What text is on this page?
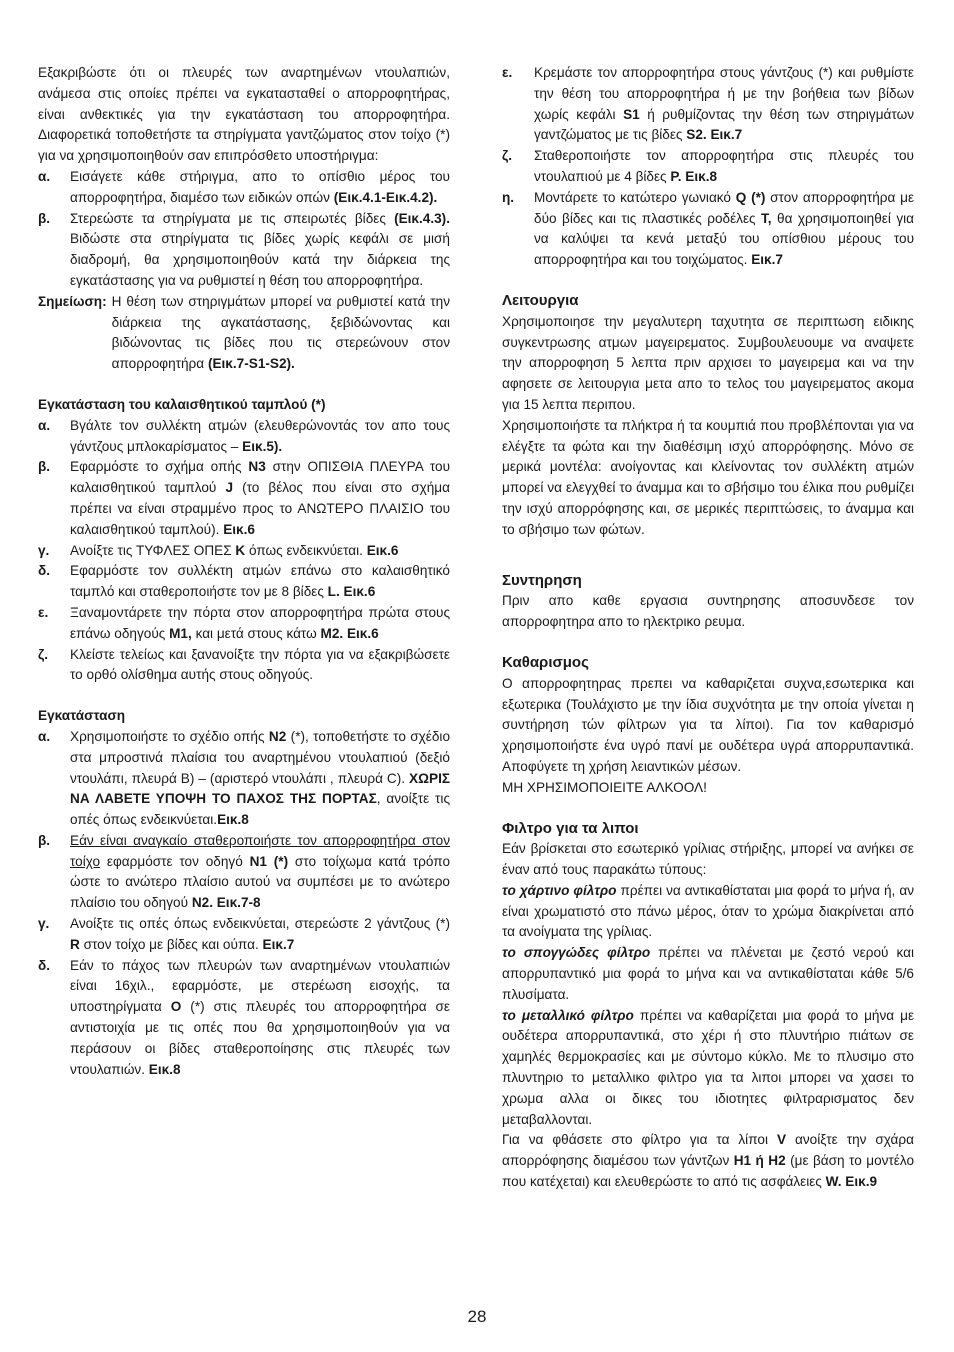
Εξακριβώστε ότι οι πλευρές των αναρτημένων ντουλαπιών, ανάμεσα στις οποίες πρέπει να εγκατασταθεί ο απορροφητήρας, είναι ανθεκτικές για την εγκατάσταση του απορροφητήρα. Διαφορετικά τοποθετήστε τα στηρίγματα γαντζώματος στον τοίχο (*) για να χρησιμοποιηθούν σαν επιπρόσθετο υποστήριγμα:

α.	Εισάγετε κάθε στήριγμα, απο το οπίσθιο μέρος του απορροφητήρα, διαμέσο των ειδικών οπών (Εικ.4.1-Εικ.4.2).
β.	Στερεώστε τα στηρίγματα με τις σπειρωτές βίδες (Εικ.4.3). Βιδώστε στα στηρίγματα τις βίδες χωρίς κεφάλι σε μισή διαδρομή, θα χρησιμοποιηθούν κατά την διάρκεια της εγκατάστασης για να ρυθμιστεί η θέση του απορροφητήρα.
Σημείωση: Η θέση των στηριγμάτων μπορεί να ρυθμιστεί κατά την διάρκεια της αγκατάστασης, ξεβιδώνοντας και βιδώνοντας τις βίδες που τις στερεώνουν στον απορροφητήρα (Εικ.7-S1-S2).
Εγκατάσταση του καλαισθητικού ταμπλού (*)
α.	Βγάλτε τον συλλέκτη ατμών (ελευθερώνοντάς τον απο τους γάντζους μπλοκαρίσματος – Εικ.5).
β.	Εφαρμόστε το σχήμα οπής N3 στην ΟΠΙΣΘΙΑ ΠΛΕΥΡΑ του καλαισθητικού ταμπλού J (το βέλος που είναι στο σχήμα πρέπει να είναι στραμμένο προς το ΑΝΩΤΕΡΟ ΠΛΑΙΣΙΟ του καλαισθητικού ταμπλού). Εικ.6
γ.	Ανοίξτε τις ΤΥΦΛΕΣ ΟΠΕΣ K όπως ενδεικνύεται. Εικ.6
δ.	Εφαρμόστε τον συλλέκτη ατμών επάνω στο καλαισθητικό ταμπλό και σταθεροποιήστε τον με 8 βίδες L. Εικ.6
ε.	Ξαναμοντάρετε την πόρτα στον απορροφητήρα πρώτα στους επάνω οδηγούς M1, και μετά στους κάτω M2. Εικ.6
ζ.	Κλείστε τελείως και ξανανοίξτε την πόρτα για να εξακριβώσετε το ορθό ολίσθημα αυτής στους οδηγούς.
Εγκατάσταση
α.	Χρησιμοποιήστε το σχέδιο οπής N2 (*), τοποθετήστε το σχέδιο στα μπροστινά πλαίσια του αναρτημένου ντουλαπιού (δεξιό ντουλάπι, πλευρά B) – (αριστερό ντουλάπι , πλευρά C). ΧΩΡΙΣ ΝΑ ΛΑΒΕΤΕ ΥΠΟΨΗ ΤΟ ΠΑΧΟΣ ΤΗΣ ΠΟΡΤΑΣ, ανοίξτε τις οπές όπως ενδεικνύεται.Εικ.8
β.	Εάν είναι αναγκαίο σταθεροποιήστε τον απορροφητήρα στον τοίχο εφαρμόστε τον οδηγό N1 (*) στο τοίχωμα κατά τρόπο ώστε το ανώτερο πλαίσιο αυτού να συμπέσει με το ανώτερο πλαίσιο του οδηγού N2. Εικ.7-8
γ.	Ανοίξτε τις οπές όπως ενδεικνύεται, στερεώστε 2 γάντζους (*) R στον τοίχο με βίδες και ούπα. Εικ.7
δ.	Εάν το πάχος των πλευρών των αναρτημένων ντουλαπιών είναι 16χιλ., εφαρμόστε, με στερέωση εισοχής, τα υποστηρίγματα O (*) στις πλευρές του απορροφητήρα σε αντιστοιχία με τις οπές που θα χρησιμοποιηθούν για να περάσουν οι βίδες σταθεροποίησης στις πλευρές των ντουλαπιών. Εικ.8
ε.	Κρεμάστε τον απορροφητήρα στους γάντζους (*) και ρυθμίστε την θέση του απορροφητήρα ή με την βοήθεια των βίδων χωρίς κεφάλι S1 ή ρυθμίζοντας την θέση των στηριγμάτων γαντζώματος με τις βίδες S2. Εικ.7
ζ.	Σταθεροποιήστε τον απορροφητήρα στις πλευρές του ντουλαπιού με 4 βίδες P. Εικ.8
η.	Μοντάρετε το κατώτερο γωνιακό Q (*) στον απορροφητήρα με δύο βίδες και τις πλαστικές ροδέλες T, θα χρησιμοποιηθεί για να καλύψει τα κενά μεταξύ του οπίσθιου μέρους του απορροφητήρα και του τοιχώματος. Εικ.7
Λειτουργια

Χρησιμοποιησε την μεγαλυτερη ταχυτητα σε περιπτωση ειδικης συγκεντρωσης ατμων μαγειρεματος. Συμβουλευουμε να αναψετε την απορροφηση 5 λεπτα πριν αρχισει το μαγειρεμα και να την αφησετε σε λειτουργια μετα απο το τελος του μαγειρεματος ακομα για 15 λεπτα περιπου.

Χρησιμοποιήστε τα πλήκτρα ή τα κουμπιά που προβλέπονται για να ελέγξτε τα φώτα και την διαθέσιμη ισχύ απορρόφησης. Μόνο σε μερικά μοντέλα: ανοίγοντας και κλείνοντας τον συλλέκτη ατμών μπορεί να ελεγχθεί το άναμμα και το σβήσιμο του έλικα που ρυθμίζει την ισχύ απορρόφησης και, σε μερικές περιπτώσεις, το άναμμα και το σβήσιμο των φώτων.

Συντηρηση

Πριν απο καθε εργασια συντηρησης αποσυνδεσε τον απορροφητηρα απο το ηλεκτρικο ρευμα.

Καθαρισμος

Ο απορροφητηρας πρεπει να καθαριζεται συχνα,εσωτερικα και εξωτερικα (Τουλάχιστο με την ίδια συχνότητα με την οποία γίνεται η συντήρηση τών φίλτρων για τα λίποι). Για τον καθαρισμό χρησιμοποιήστε ένα υγρό πανί με ουδέτερα υγρά απορρυπαντικά. Αποφύγετε τη χρήση λειαντικών μέσων.

ΜΗ ΧΡΗΣΙΜΟΠΟΙΕΙΤΕ ΑΛΚΟΟΛ!

Φιλτρο για τα λιποι

Εάν βρίσκεται στο εσωτερικό γρίλιας στήριξης, μπορεί να ανήκει σε έναν από τους παρακάτω τύπους:

το χάρτινο φίλτρο πρέπει να αντικαθίσταται μια φορά το μήνα ή, αν είναι χρωματιστό στο πάνω μέρος, όταν το χρώμα διακρίνεται από τα ανοίγματα της γρίλιας.

το σπογγώδες φίλτρο πρέπει να πλένεται με ζεστό νερού και απορρυπαντικό μια φορά το μήνα και να αντικαθίσταται κάθε 5/6 πλυσίματα.

το μεταλλικό φίλτρο πρέπει να καθαρίζεται μια φορά το μήνα με ουδέτερα απορρυπαντικά, στο χέρι ή στο πλυντήριο πιάτων σε χαμηλές θερμοκρασίες και με σύντομο κύκλο. Με το πλυσιμο στο πλυντηριο το μεταλλικο φιλτρο για τα λιποι μπορει να χασει το χρωμα αλλα οι δικες του ιδιοτητες φιλτραρισματος δεν μεταβαλλονται.

Για να φθάσετε στο φίλτρο για τα λίποι V ανοίξτε την σχάρα απορρόφησης διαμέσου των γάντζων H1 ή H2 (με βάση το μοντέλο που κατέχεται) και ελευθερώστε το από τις ασφάλειες W. Εικ.9

28
